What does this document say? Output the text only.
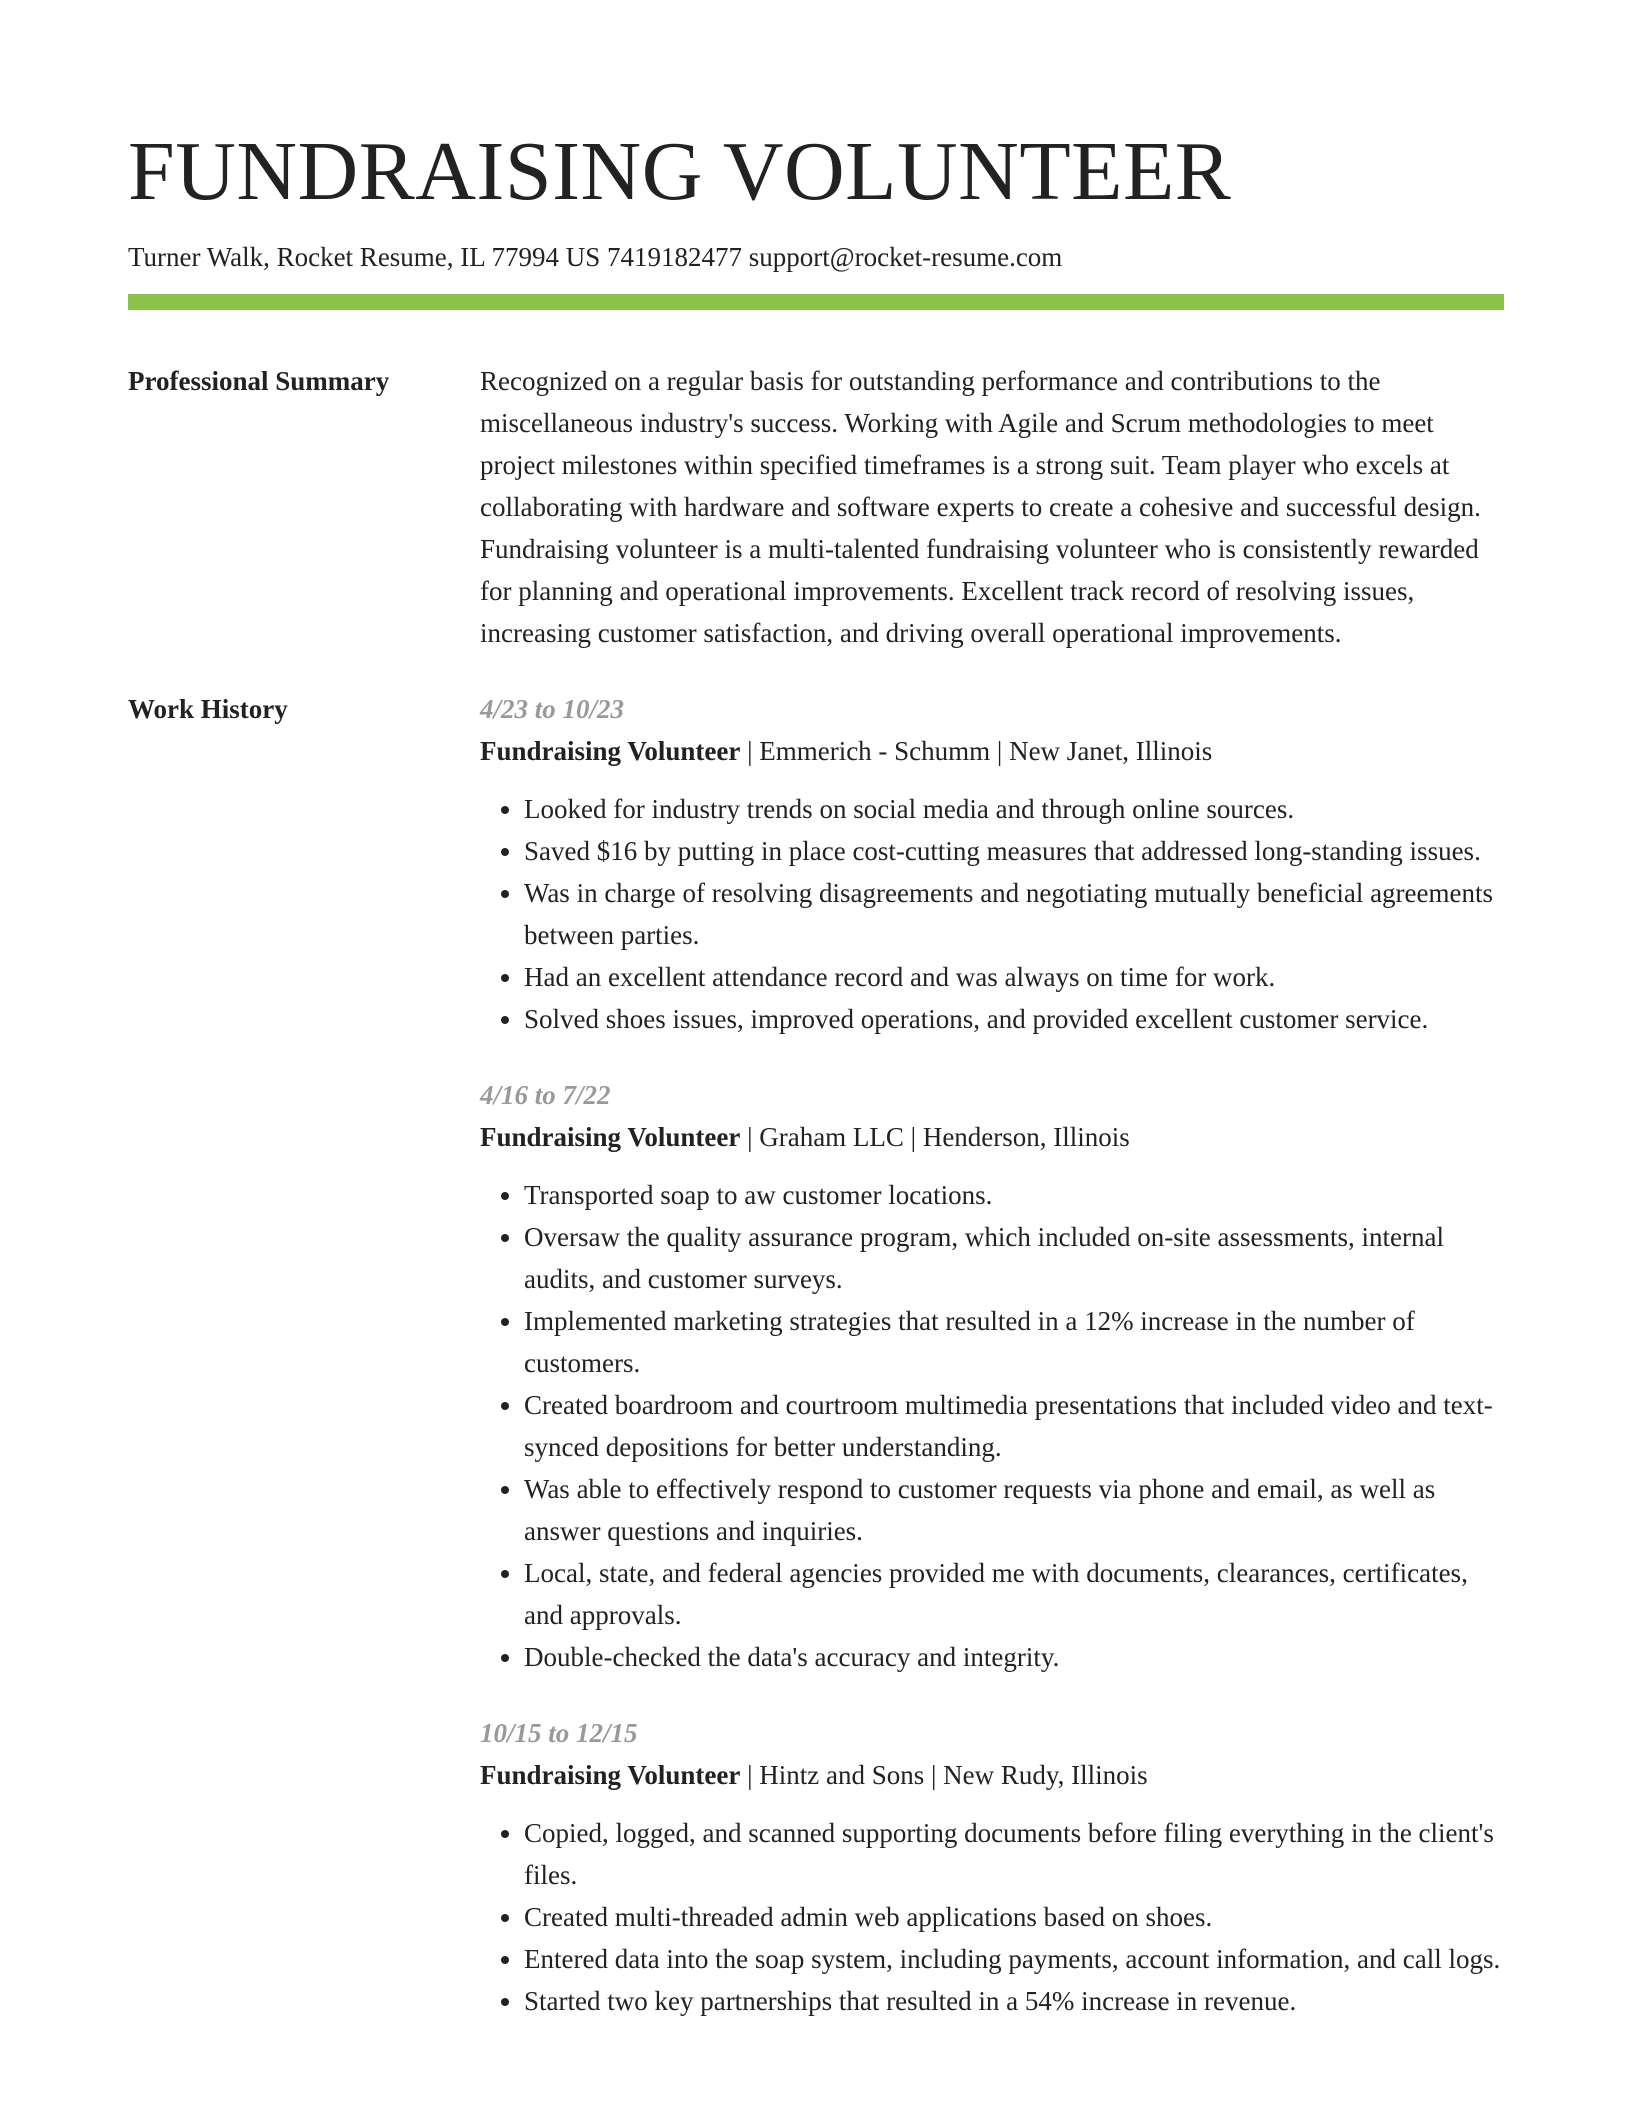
FUNDRAISING VOLUNTEER
Turner Walk, Rocket Resume, IL 77994 US 7419182477 support@rocket-resume.com
Professional Summary	Recognized on a regular basis for outstanding performance and contributions to the miscellaneous industry's success. Working with Agile and Scrum methodologies to meet project milestones within specified timeframes is a strong suit. Team player who excels at collaborating with hardware and software experts to create a cohesive and successful design. Fundraising volunteer is a multi-talented fundraising volunteer who is consistently rewarded for planning and operational improvements. Excellent track record of resolving issues, increasing customer satisfaction, and driving overall operational improvements.

Work History	4/23 to 10/23
Fundraising Volunteer | Emmerich - Schumm | New Janet, Illinois
• Looked for industry trends on social media and through online sources.
• Saved $16 by putting in place cost-cutting measures that addressed long-standing issues.
• Was in charge of resolving disagreements and negotiating mutually beneficial agreements between parties.
• Had an excellent attendance record and was always on time for work.
• Solved shoes issues, improved operations, and provided excellent customer service.
4/16 to 7/22
Fundraising Volunteer | Graham LLC | Henderson, Illinois
• Transported soap to aw customer locations.
• Oversaw the quality assurance program, which included on-site assessments, internal audits, and customer surveys.
• Implemented marketing strategies that resulted in a 12% increase in the number of customers.
• Created boardroom and courtroom multimedia presentations that included video and text-synced depositions for better understanding.
• Was able to effectively respond to customer requests via phone and email, as well as answer questions and inquiries.
• Local, state, and federal agencies provided me with documents, clearances, certificates, and approvals.
• Double-checked the data's accuracy and integrity.
10/15 to 12/15
Fundraising Volunteer | Hintz and Sons | New Rudy, Illinois
• Copied, logged, and scanned supporting documents before filing everything in the client's files.
• Created multi-threaded admin web applications based on shoes.
• Entered data into the soap system, including payments, account information, and call logs.
• Started two key partnerships that resulted in a 54% increase in revenue.
